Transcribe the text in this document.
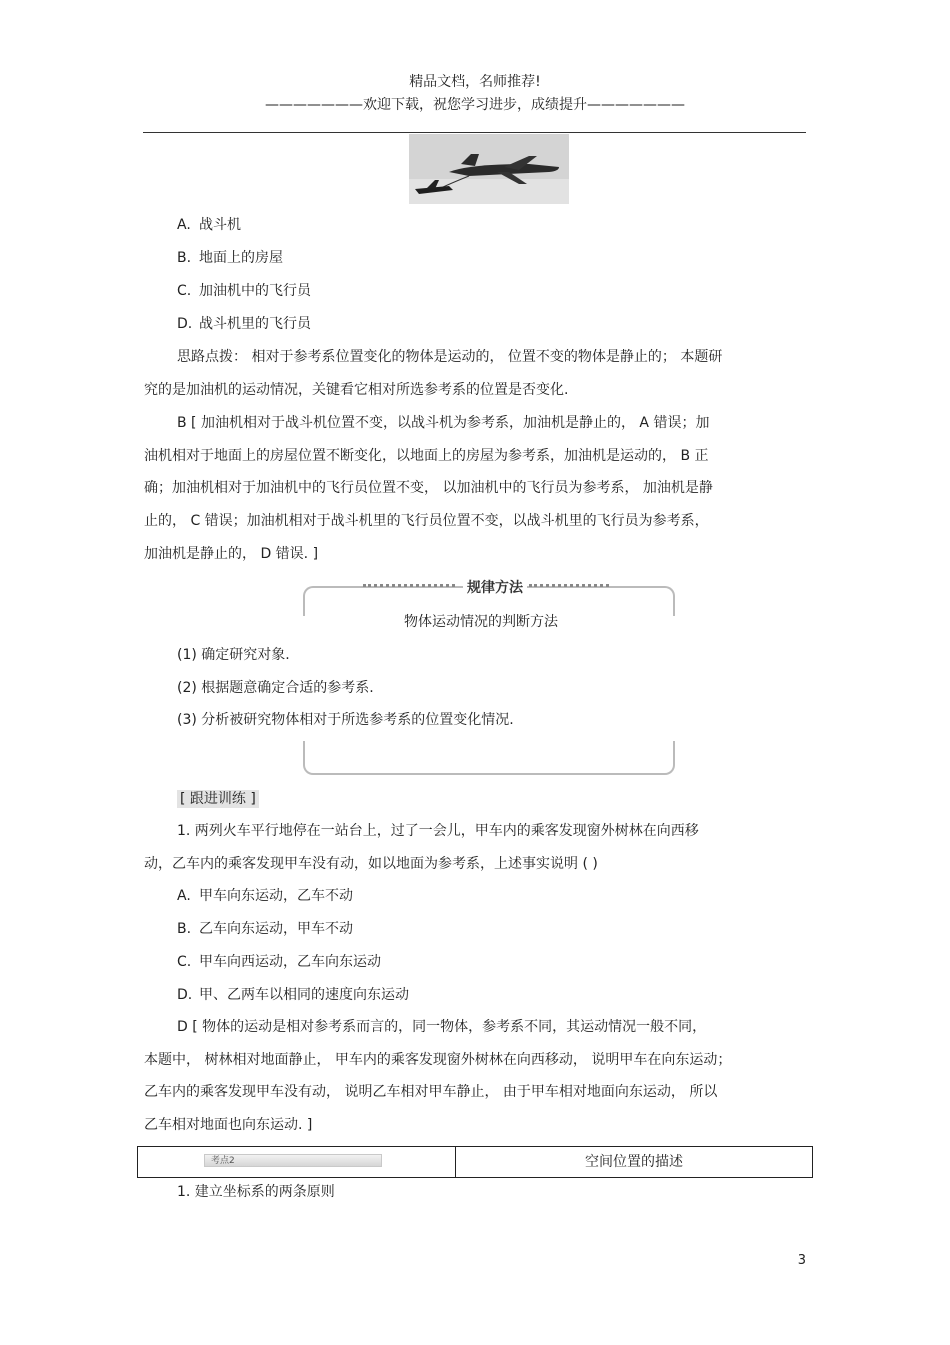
精品文档，名师推荐!
———————欢迎下载，祝您学习进步，成绩提升———————
A. 战斗机
B. 地面上的房屋
C. 加油机中的飞行员
D. 战斗机里的飞行员
思路点拨： 相对于参考系位置变化的物体是运动的， 位置不变的物体是静止的； 本题研
究的是加油机的运动情况，关键看它相对所选参考系的位置是否变化.
B [ 加油机相对于战斗机位置不变，以战斗机为参考系，加油机是静止的， A 错误；加
油机相对于地面上的房屋位置不断变化，以地面上的房屋为参考系，加油机是运动的， B 正
确；加油机相对于加油机中的飞行员位置不变， 以加油机中的飞行员为参考系， 加油机是静
止的， C 错误；加油机相对于战斗机里的飞行员位置不变，以战斗机里的飞行员为参考系，
加油机是静止的， D 错误. ]
规律方法
物体运动情况的判断方法
(1) 确定研究对象.
(2) 根据题意确定合适的参考系.
(3) 分析被研究物体相对于所选参考系的位置变化情况.
[ 跟进训练 ]
1. 两列火车平行地停在一站台上，过了一会儿，甲车内的乘客发现窗外树林在向西移
动，乙车内的乘客发现甲车没有动，如以地面为参考系，上述事实说明 ( )
A. 甲车向东运动，乙车不动
B. 乙车向东运动，甲车不动
C. 甲车向西运动，乙车向东运动
D. 甲、乙两车以相同的速度向东运动
D [ 物体的运动是相对参考系而言的，同一物体，参考系不同，其运动情况一般不同，
本题中， 树林相对地面静止， 甲车内的乘客发现窗外树林在向西移动， 说明甲车在向东运动；
乙车内的乘客发现甲车没有动， 说明乙车相对甲车静止， 由于甲车相对地面向东运动， 所以
乙车相对地面也向东运动. ]
考点2	空间位置的描述
1. 建立坐标系的两条原则
3
